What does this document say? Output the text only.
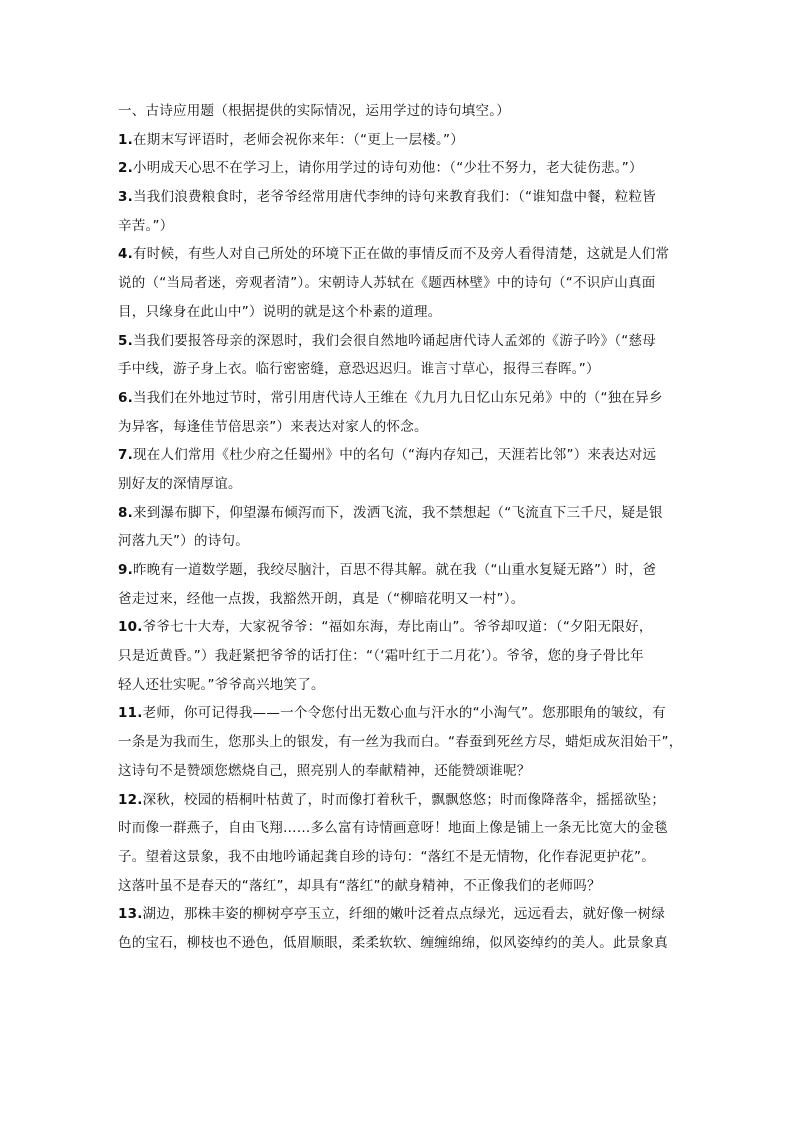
一、古诗应用题（根据提供的实际情况，运用学过的诗句填空。）
1.在期末写评语时，老师会祝你来年：（“更上一层楼。”）
2.小明成天心思不在学习上，请你用学过的诗句劝他：（“少壮不努力，老大徒伤悲。”）
3.当我们浪费粮食时，老爷爷经常用唐代李绅的诗句来教育我们：（“谁知盘中餐，粒粒皆
辛苦。”）
4.有时候，有些人对自己所处的环境下正在做的事情反而不及旁人看得清楚，这就是人们常
说的（“当局者迷，旁观者清”）。宋朝诗人苏轼在《题西林壁》中的诗句（“不识庐山真面
目，只缘身在此山中”）说明的就是这个朴素的道理。
5.当我们要报答母亲的深恩时，我们会很自然地吟诵起唐代诗人孟郊的《游子吟》（“慈母
手中线，游子身上衣。临行密密缝，意恐迟迟归。谁言寸草心，报得三春晖。”）
6.当我们在外地过节时，常引用唐代诗人王维在《九月九日忆山东兄弟》中的（“独在异乡
为异客，每逢佳节倍思亲”）来表达对家人的怀念。
7.现在人们常用《杜少府之任蜀州》中的名句（“海内存知己，天涯若比邻”）来表达对远
别好友的深情厚谊。
8.来到瀑布脚下，仰望瀑布倾泻而下，泼洒飞流，我不禁想起（“飞流直下三千尺，疑是银
河落九天”）的诗句。
9.昨晚有一道数学题，我绞尽脑汁，百思不得其解。就在我（“山重水复疑无路”）时，爸
爸走过来，经他一点拨，我豁然开朗，真是（“柳暗花明又一村”）。
10.爷爷七十大寿，大家祝爷爷：“福如东海，寿比南山”。爷爷却叹道：（“夕阳无限好，
只是近黄昏。”）我赶紧把爷爷的话打住：“（‘霜叶红于二月花’）。爷爷，您的身子骨比年
轻人还壮实呢。”爷爷高兴地笑了。
11.老师，你可记得我——一个令您付出无数心血与汗水的“小淘气”。您那眼角的皱纹，有
一条是为我而生，您那头上的银发，有一丝为我而白。“春蚕到死丝方尽，蜡炬成灰泪始干”，
这诗句不是赞颂您燃烧自己，照亮别人的奉献精神，还能赞颂谁呢？
12.深秋，校园的梧桐叶枯黄了，时而像打着秋千，飘飘悠悠；时而像降落伞，摇摇欲坠；
时而像一群燕子，自由飞翔……多么富有诗情画意呀！地面上像是铺上一条无比宽大的金毯
子。望着这景象，我不由地吟诵起龚自珍的诗句：“落红不是无情物，化作春泥更护花”。
这落叶虽不是春天的“落红”，却具有“落红”的献身精神，不正像我们的老师吗？
13.湖边，那株丰姿的柳树亭亭玉立，纤细的嫩叶泛着点点绿光，远远看去，就好像一树绿
色的宝石，柳枝也不逊色，低眉顺眼，柔柔软软、缠缠绵绵，似风姿绰约的美人。此景象真
